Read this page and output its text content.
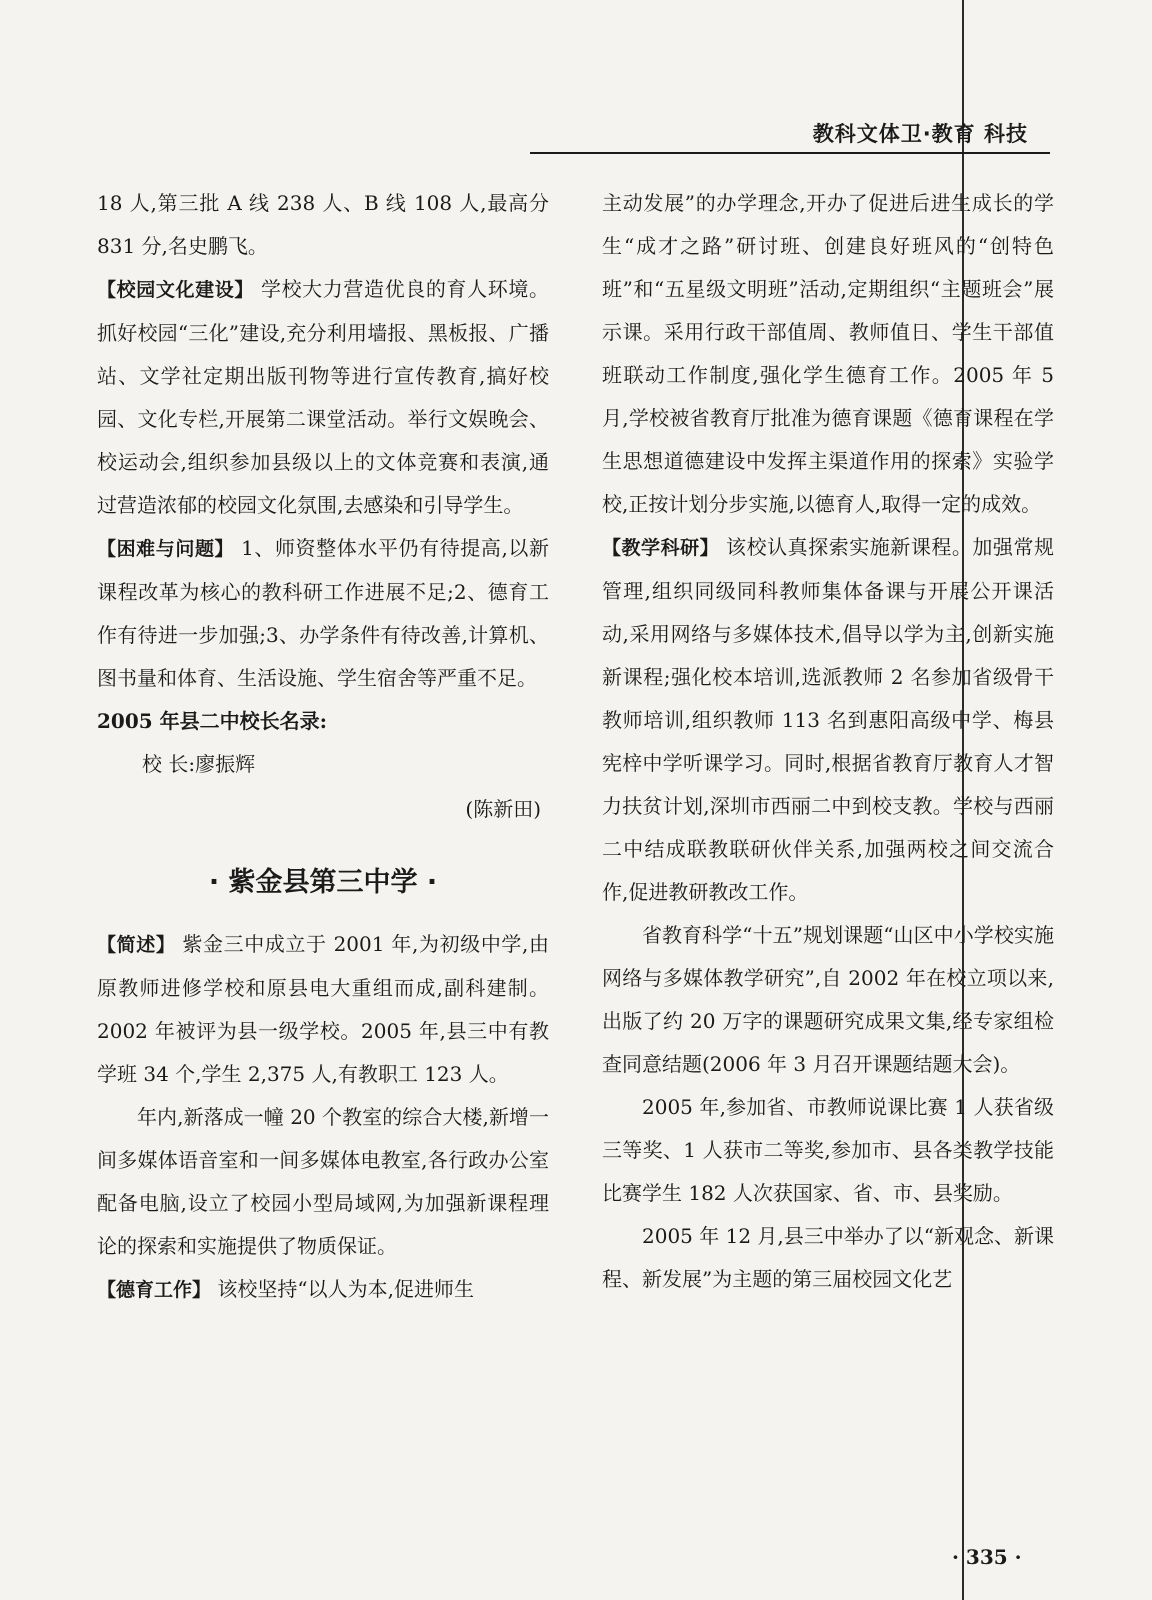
教科文体卫·教育 科技

18 人,第三批 A 线 238 人、B 线 108 人,最高分 831 分,名史鹏飞。

【校园文化建设】 学校大力营造优良的育人环境。抓好校园“三化”建设,充分利用墙报、黑板报、广播站、文学社定期出版刊物等进行宣传教育,搞好校园、文化专栏,开展第二课堂活动。举行文娱晚会、校运动会,组织参加县级以上的文体竞赛和表演,通过营造浓郁的校园文化氛围,去感染和引导学生。

【困难与问题】 1、师资整体水平仍有待提高,以新课程改革为核心的教科研工作进展不足;2、德育工作有待进一步加强;3、办学条件有待改善,计算机、图书量和体育、生活设施、学生宿舍等严重不足。

2005 年县二中校长名录:

校 长:廖振辉

(陈新田)

· 紫金县第三中学 ·

【简述】 紫金三中成立于 2001 年,为初级中学,由原教师进修学校和原县电大重组而成,副科建制。2002 年被评为县一级学校。2005 年,县三中有教学班 34 个,学生 2,375 人,有教职工 123 人。

年内,新落成一幢 20 个教室的综合大楼,新增一间多媒体语音室和一间多媒体电教室,各行政办公室配备电脑,设立了校园小型局域网,为加强新课程理论的探索和实施提供了物质保证。

【德育工作】 该校坚持“以人为本,促进师生

主动发展”的办学理念,开办了促进后进生成长的学生“成才之路”研讨班、创建良好班风的“创特色班”和“五星级文明班”活动,定期组织“主题班会”展示课。采用行政干部值周、教师值日、学生干部值班联动工作制度,强化学生德育工作。2005 年 5 月,学校被省教育厅批准为德育课题《德育课程在学生思想道德建设中发挥主渠道作用的探索》实验学校,正按计划分步实施,以德育人,取得一定的成效。

【教学科研】 该校认真探索实施新课程。加强常规管理,组织同级同科教师集体备课与开展公开课活动,采用网络与多媒体技术,倡导以学为主,创新实施新课程;强化校本培训,选派教师 2 名参加省级骨干教师培训,组织教师 113 名到惠阳高级中学、梅县宪梓中学听课学习。同时,根据省教育厅教育人才智力扶贫计划,深圳市西丽二中到校支教。学校与西丽二中结成联教联研伙伴关系,加强两校之间交流合作,促进教研教改工作。

省教育科学“十五”规划课题“山区中小学校实施网络与多媒体教学研究”,自 2002 年在校立项以来,出版了约 20 万字的课题研究成果文集,经专家组检查同意结题(2006 年 3 月召开课题结题大会)。

2005 年,参加省、市教师说课比赛 1 人获省级三等奖、1 人获市二等奖,参加市、县各类教学技能比赛学生 182 人次获国家、省、市、县奖励。

2005 年 12 月,县三中举办了以“新观念、新课程、新发展”为主题的第三届校园文化艺

· 335 ·
